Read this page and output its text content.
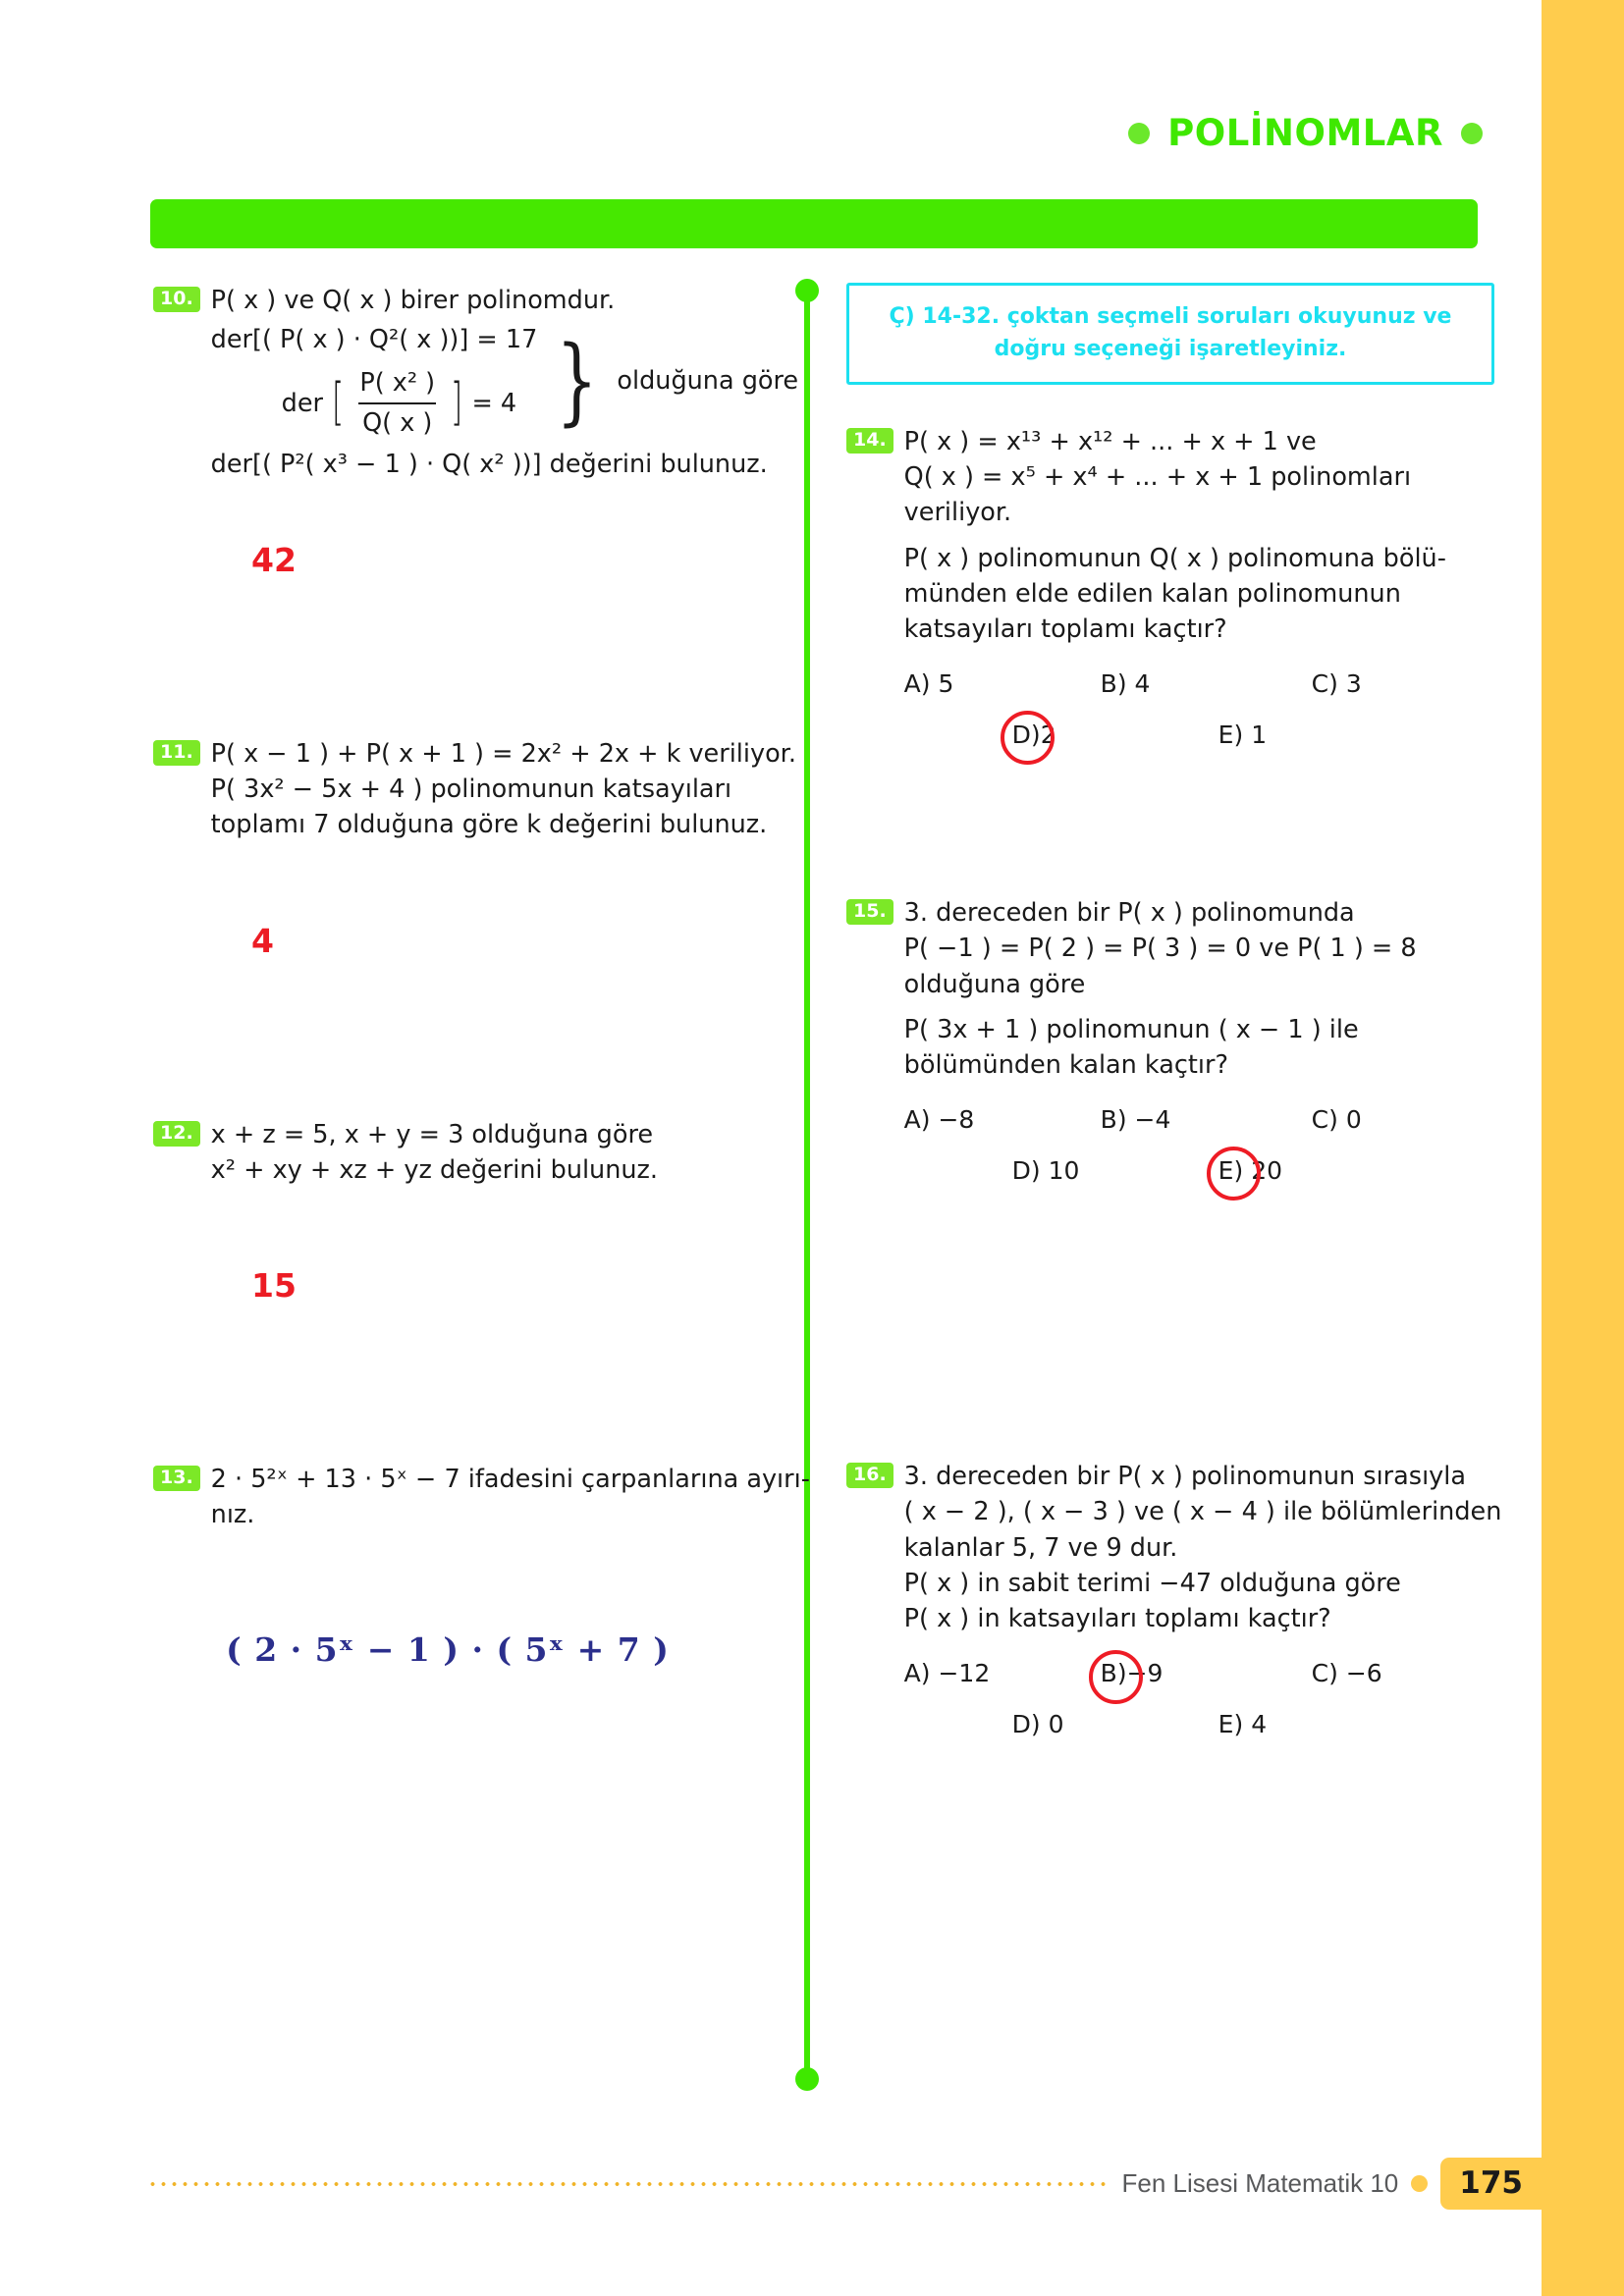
POLİNOMLAR
10. P( x ) ve Q( x ) birer polinomdur.
der[( P( x ) · Q²( x ))] = 17
der [ $\frac{\text{P( x² )}}{Q( x )}$ ] = 4 } olduğuna göre
der[( P²( x³ − 1 ) · Q( x² ))] değerini bulunuz.
42
11. P( x − 1 ) + P( x + 1 ) = 2x² + 2x + k veriliyor.
P( 3x² − 5x + 4 ) polinomunun katsayıları
toplamı 7 olduğuna göre k değerini bulunuz.
4
12. x + z = 5, x + y = 3 olduğuna göre
x² + xy + xz + yz değerini bulunuz.
15
13. 2 · 5²ˣ + 13 · 5ˣ − 7 ifadesini çarpanlarına ayırı-
nız.
( 2 · 5ˣ − 1 ) · ( 5ˣ + 7 )
Ç) 14-32. çoktan seçmeli soruları okuyunuz ve
doğru seçeneği işaretleyiniz.
14. P( x ) = x¹³ + x¹² + ... + x + 1 ve
Q( x ) = x⁵ + x⁴ + ... + x + 1 polinomları
veriliyor.
P( x ) polinomunun Q( x ) polinomuna bölü-
münden elde edilen kalan polinomunun
katsayıları toplamı kaçtır?
A) 5	B) 4	C) 3
D)2	E) 1
15. 3. dereceden bir P( x ) polinomunda
P( −1 ) = P( 2 ) = P( 3 ) = 0 ve P( 1 ) = 8
olduğuna göre
P( 3x + 1 ) polinomunun ( x − 1 ) ile
bölümünden kalan kaçtır?
A) −8	B) −4	C) 0
D) 10	E) 20
16. 3. dereceden bir P( x ) polinomunun sırasıyla
( x − 2 ), ( x − 3 ) ve ( x − 4 ) ile bölümlerinden
kalanlar 5, 7 ve 9 dur.
P( x ) in sabit terimi −47 olduğuna göre
P( x ) in katsayıları toplamı kaçtır?
A) −12	B)−9	C) −6
D) 0	E) 4
Fen Lisesi Matematik 10	175
